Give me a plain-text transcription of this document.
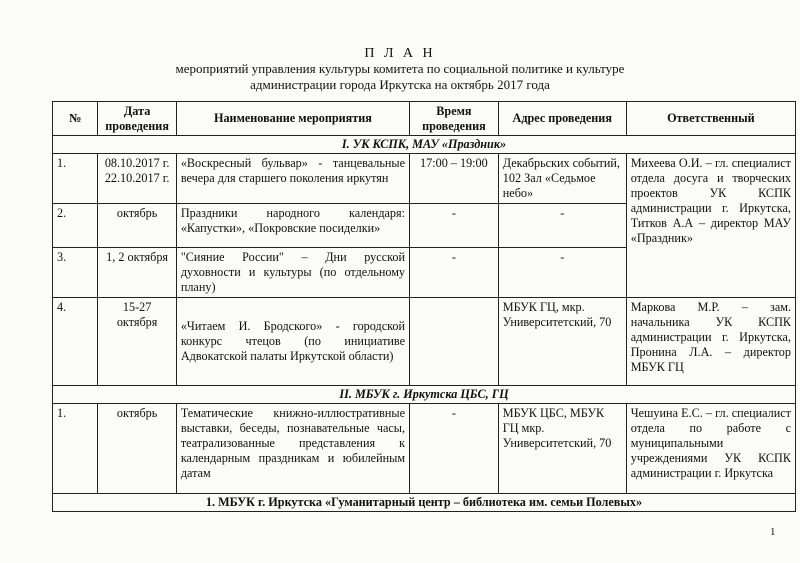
П Л А Н
мероприятий управления культуры комитета по социальной политике и культуре
администрации города Иркутска на октябрь 2017 года
№	Дата проведения	Наименование мероприятия	Время проведения	Адрес проведения	Ответственный
I. УК КСПК, МАУ «Праздник»					
1.	08.10.2017 г. 22.10.2017 г.	«Воскресный бульвар» - танцевальные вечера для старшего поколения иркутян	17:00 – 19:00	Декабрьских событий, 102 Зал «Седьмое небо»	Михеева О.И. – гл. специалист отдела досуга и творческих проектов УК КСПК администрации г. Иркутска, Титков А.А – директор МАУ «Праздник»
2.	октябрь	Праздники народного календаря: «Капустки», «Покровские посиделки»	-	-	
3.	1, 2 октября	"Сияние России" – Дни русской духовности и культуры (по отдельному плану)	-	-	
4.	15-27 октября	«Читаем И. Бродского» - городской конкурс чтецов (по инициативе Адвокатской палаты Иркутской области)		МБУК ГЦ, мкр. Университетский, 70	Маркова М.Р. – зам. начальника УК КСПК администрации г. Иркутска, Пронина Л.А. – директор МБУК ГЦ
II. МБУК г. Иркутска ЦБС, ГЦ					
1.	октябрь	Тематические книжно-иллюстративные выставки, беседы, познавательные часы, театрализованные представления к календарным праздникам и юбилейным датам	-	МБУК ЦБС, МБУК ГЦ мкр. Университетский, 70	Чешуина Е.С. – гл. специалист отдела по работе с муниципальными учреждениями УК КСПК администрации г. Иркутска
1. МБУК г. Иркутска «Гуманитарный центр – библиотека им. семьи Полевых»					
1
